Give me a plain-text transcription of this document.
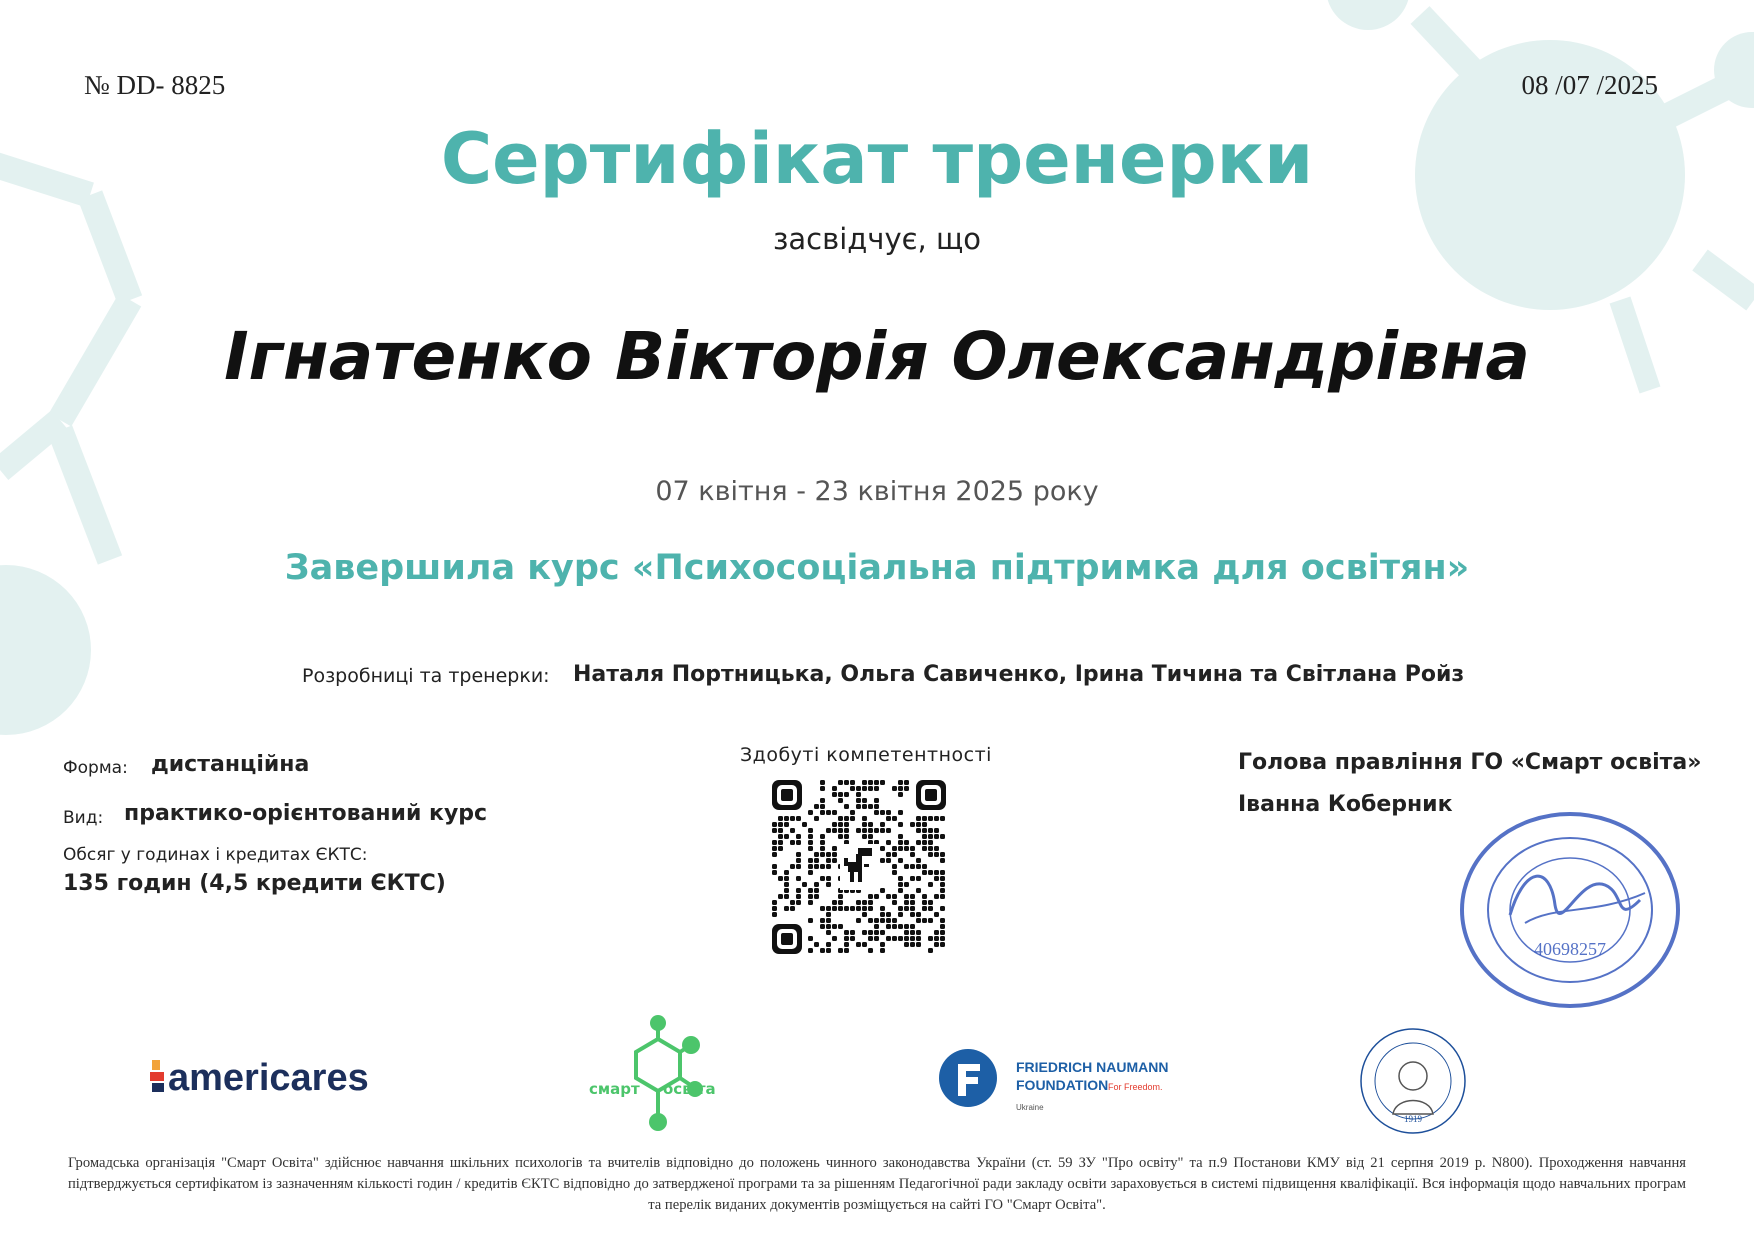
№ DD- 8825	08 /07 /2025
Сертифікат тренерки
засвідчує, що
Ігнатенко Вікторія Олександрівна
07 квітня - 23 квітня 2025 року
Завершила курс «Психосоціальна підтримка для освітян»
Розробниці та тренерки: Наталя Портницька, Ольга Савиченко, Ірина Тичина та Світлана Ройз
Форма: дистанційна
Вид: практико-орієнтований курс
Обсяг у годинах і кредитах ЄКТС:
135 годин (4,5 кредити ЄКТС)
Здобуті компетентності	Голова правління ГО «Смарт освіта»
Іванна Коберник
40698257
americares	смарт освіта
FRIEDRICH NAUMANN
FOUNDATION For Freedom.
Ukraine
1919
Громадська організація "Смарт Освіта" здійснює навчання шкільних психологів та вчителів відповідно до положень чинного законодавства України (ст. 59 ЗУ "Про освіту" та п.9 Постанови КМУ від 21 серпня 2019 р. N800). Проходження навчання підтверджується сертифікатом із зазначенням кількості годин / кредитів ЄКТС відповідно до затвердженої програми та за рішенням Педагогічної ради закладу освіти зараховується в системі підвищення кваліфікації. Вся інформація щодо навчальних програм та перелік виданих документів розміщується на сайті ГО "Смарт Освіта".
